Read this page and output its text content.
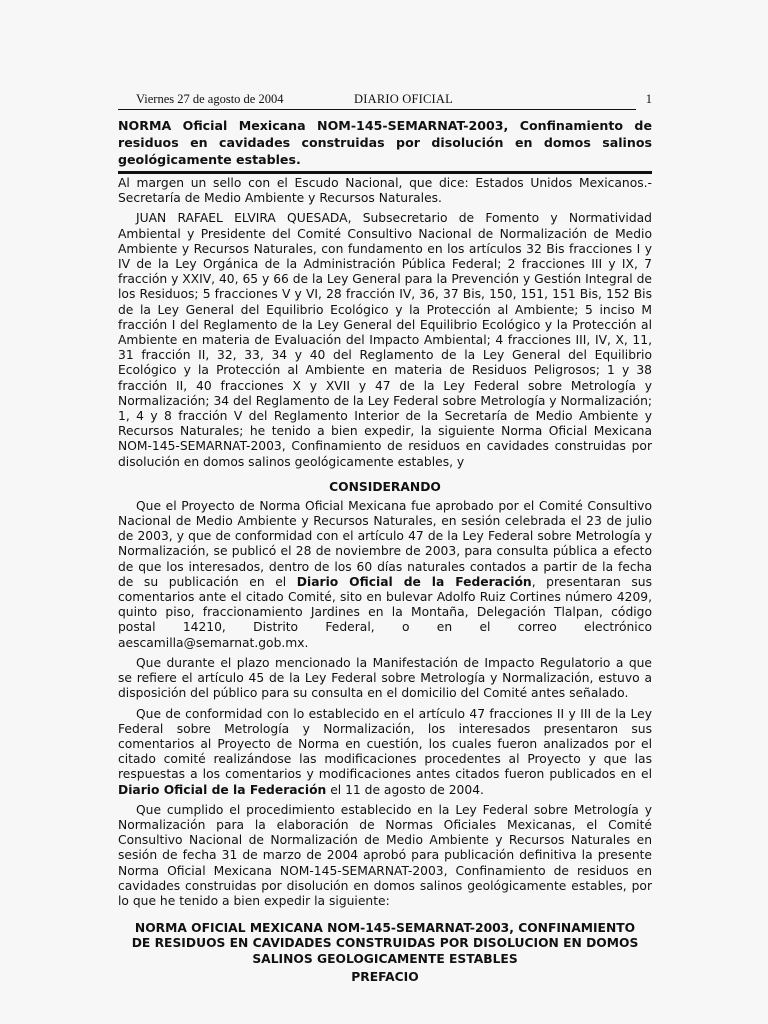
Viernes 27 de agosto de 2004	DIARIO OFICIAL	1
NORMA Oficial Mexicana NOM-145-SEMARNAT-2003, Confinamiento de residuos en cavidades construidas por disolución en domos salinos geológicamente estables.

Al margen un sello con el Escudo Nacional, que dice: Estados Unidos Mexicanos.- Secretaría de Medio Ambiente y Recursos Naturales.

JUAN RAFAEL ELVIRA QUESADA, Subsecretario de Fomento y Normatividad Ambiental y Presidente del Comité Consultivo Nacional de Normalización de Medio Ambiente y Recursos Naturales, con fundamento en los artículos 32 Bis fracciones I y IV de la Ley Orgánica de la Administración Pública Federal; 2 fracciones III y IX, 7 fracción y XXIV, 40, 65 y 66 de la Ley General para la Prevención y Gestión Integral de los Residuos; 5 fracciones V y VI, 28 fracción IV, 36, 37 Bis, 150, 151, 151 Bis, 152 Bis de la Ley General del Equilibrio Ecológico y la Protección al Ambiente; 5 inciso M fracción I del Reglamento de la Ley General del Equilibrio Ecológico y la Protección al Ambiente en materia de Evaluación del Impacto Ambiental; 4 fracciones III, IV, X, 11, 31 fracción II, 32, 33, 34 y 40 del Reglamento de la Ley General del Equilibrio Ecológico y la Protección al Ambiente en materia de Residuos Peligrosos; 1 y 38 fracción II, 40 fracciones X y XVII y 47 de la Ley Federal sobre Metrología y Normalización; 34 del Reglamento de la Ley Federal sobre Metrología y Normalización; 1, 4 y 8 fracción V del Reglamento Interior de la Secretaría de Medio Ambiente y Recursos Naturales; he tenido a bien expedir, la siguiente Norma Oficial Mexicana NOM-145-SEMARNAT-2003, Confinamiento de residuos en cavidades construidas por disolución en domos salinos geológicamente estables, y

CONSIDERANDO

Que el Proyecto de Norma Oficial Mexicana fue aprobado por el Comité Consultivo Nacional de Medio Ambiente y Recursos Naturales, en sesión celebrada el 23 de julio de 2003, y que de conformidad con el artículo 47 de la Ley Federal sobre Metrología y Normalización, se publicó el 28 de noviembre de 2003, para consulta pública a efecto de que los interesados, dentro de los 60 días naturales contados a partir de la fecha de su publicación en el Diario Oficial de la Federación, presentaran sus comentarios ante el citado Comité, sito en bulevar Adolfo Ruiz Cortines número 4209, quinto piso, fraccionamiento Jardines en la Montaña, Delegación Tlalpan, código postal 14210, Distrito Federal, o en el correo electrónico aescamilla@semarnat.gob.mx.

Que durante el plazo mencionado la Manifestación de Impacto Regulatorio a que se refiere el artículo 45 de la Ley Federal sobre Metrología y Normalización, estuvo a disposición del público para su consulta en el domicilio del Comité antes señalado.

Que de conformidad con lo establecido en el artículo 47 fracciones II y III de la Ley Federal sobre Metrología y Normalización, los interesados presentaron sus comentarios al Proyecto de Norma en cuestión, los cuales fueron analizados por el citado comité realizándose las modificaciones procedentes al Proyecto y que las respuestas a los comentarios y modificaciones antes citados fueron publicados en el Diario Oficial de la Federación el 11 de agosto de 2004.

Que cumplido el procedimiento establecido en la Ley Federal sobre Metrología y Normalización para la elaboración de Normas Oficiales Mexicanas, el Comité Consultivo Nacional de Normalización de Medio Ambiente y Recursos Naturales en sesión de fecha 31 de marzo de 2004 aprobó para publicación definitiva la presente Norma Oficial Mexicana NOM-145-SEMARNAT-2003, Confinamiento de residuos en cavidades construidas por disolución en domos salinos geológicamente estables, por lo que he tenido a bien expedir la siguiente:

NORMA OFICIAL MEXICANA NOM-145-SEMARNAT-2003, CONFINAMIENTO DE RESIDUOS EN CAVIDADES CONSTRUIDAS POR DISOLUCION EN DOMOS SALINOS GEOLOGICAMENTE ESTABLES
PREFACIO
